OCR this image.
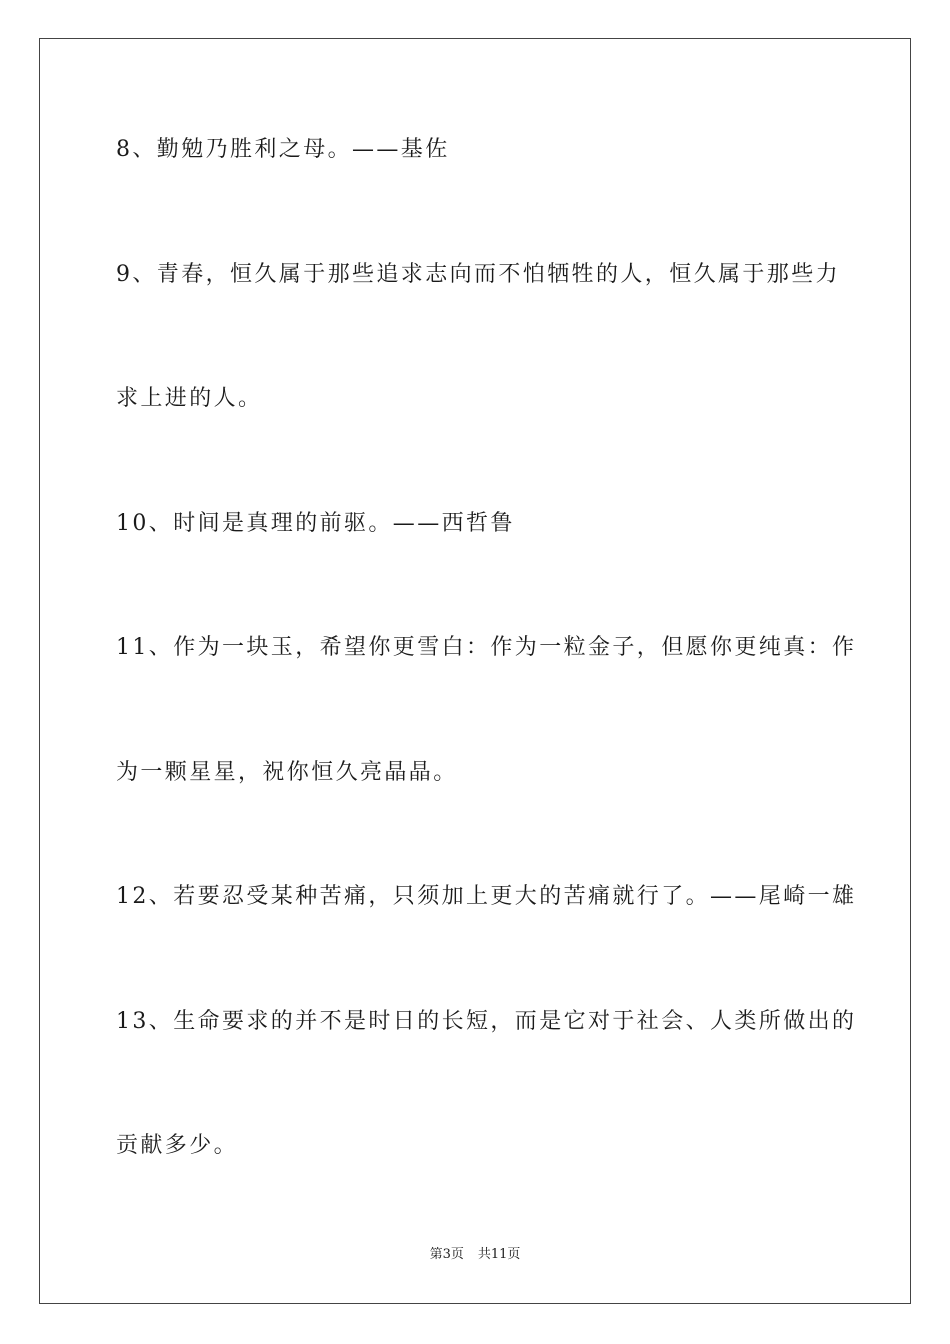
8、勤勉乃胜利之母。——基佐
9、青春，恒久属于那些追求志向而不怕牺牲的人，恒久属于那些力
求上进的人。
10、时间是真理的前驱。——西哲鲁
11、作为一块玉，希望你更雪白：作为一粒金子，但愿你更纯真：作
为一颗星星，祝你恒久亮晶晶。
12、若要忍受某种苦痛，只须加上更大的苦痛就行了。——尾崎一雄
13、生命要求的并不是时日的长短，而是它对于社会、人类所做出的
贡献多少。
第3页 共11页
